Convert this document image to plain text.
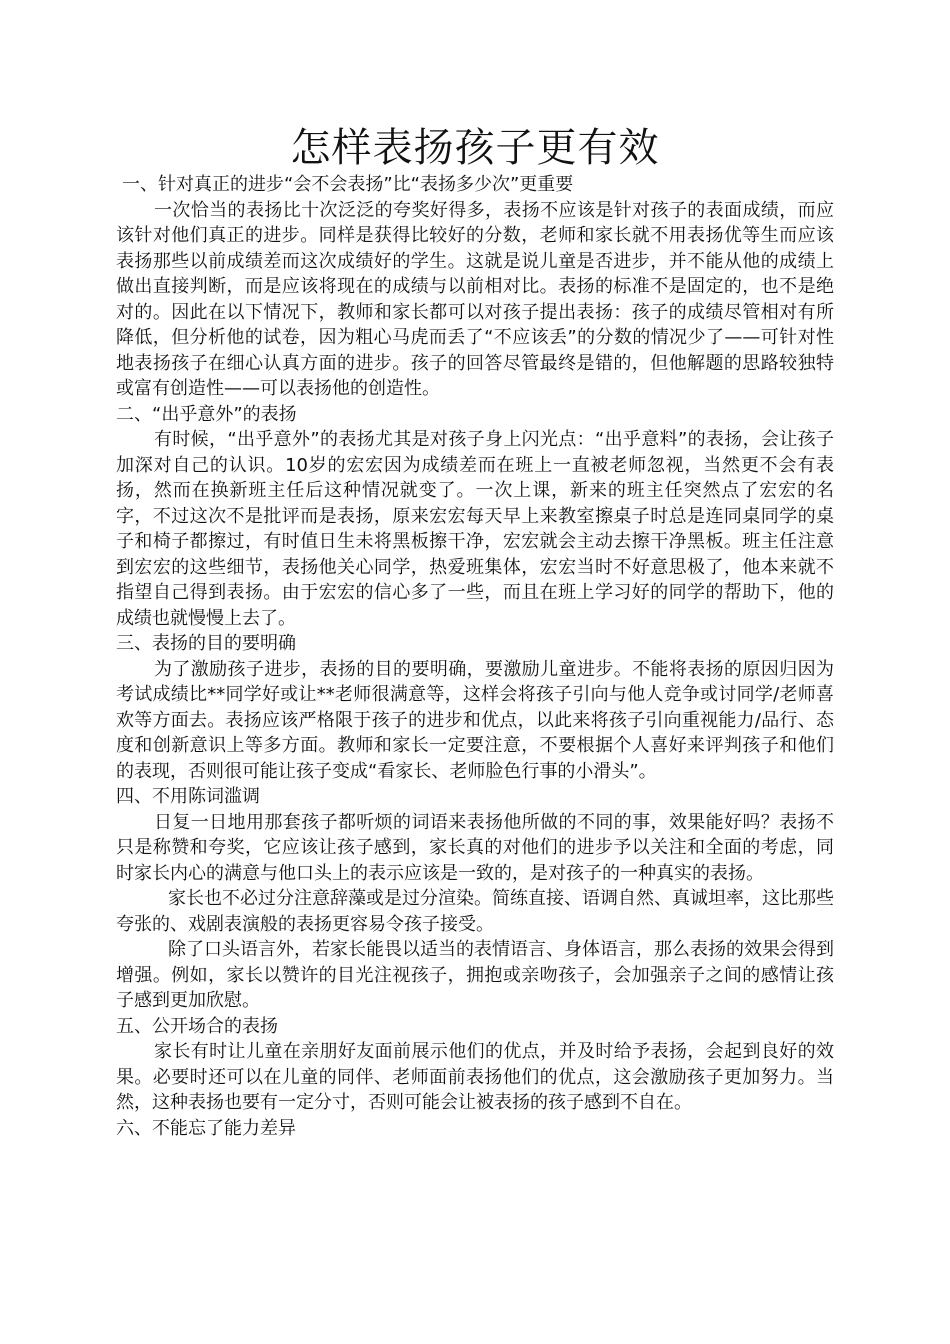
怎样表扬孩子更有效

一、针对真正的进步“会不会表扬”比“表扬多少次”更重要

一次恰当的表扬比十次泛泛的夸奖好得多，表扬不应该是针对孩子的表面成绩，而应该针对他们真正的进步。同样是获得比较好的分数，老师和家长就不用表扬优等生而应该表扬那些以前成绩差而这次成绩好的学生。这就是说儿童是否进步，并不能从他的成绩上做出直接判断，而是应该将现在的成绩与以前相对比。表扬的标准不是固定的，也不是绝对的。因此在以下情况下，教师和家长都可以对孩子提出表扬：孩子的成绩尽管相对有所降低，但分析他的试卷，因为粗心马虎而丢了“不应该丢”的分数的情况少了——可针对性地表扬孩子在细心认真方面的进步。孩子的回答尽管最终是错的，但他解题的思路较独特或富有创造性——可以表扬他的创造性。

二、“出乎意外”的表扬

有时候，“出乎意外”的表扬尤其是对孩子身上闪光点：“出乎意料”的表扬，会让孩子加深对自己的认识。10岁的宏宏因为成绩差而在班上一直被老师忽视，当然更不会有表扬，然而在换新班主任后这种情况就变了。一次上课，新来的班主任突然点了宏宏的名字，不过这次不是批评而是表扬，原来宏宏每天早上来教室擦桌子时总是连同桌同学的桌子和椅子都擦过，有时值日生未将黑板擦干净，宏宏就会主动去擦干净黑板。班主任注意到宏宏的这些细节，表扬他关心同学，热爱班集体，宏宏当时不好意思极了，他本来就不指望自己得到表扬。由于宏宏的信心多了一些，而且在班上学习好的同学的帮助下，他的成绩也就慢慢上去了。

三、表扬的目的要明确

为了激励孩子进步，表扬的目的要明确，要激励儿童进步。不能将表扬的原因归因为考试成绩比**同学好或让**老师很满意等，这样会将孩子引向与他人竞争或讨同学/老师喜欢等方面去。表扬应该严格限于孩子的进步和优点，以此来将孩子引向重视能力/品行、态度和创新意识上等多方面。教师和家长一定要注意，不要根据个人喜好来评判孩子和他们的表现，否则很可能让孩子变成“看家长、老师脸色行事的小滑头”。

四、不用陈词滥调

日复一日地用那套孩子都听烦的词语来表扬他所做的不同的事，效果能好吗？表扬不只是称赞和夸奖，它应该让孩子感到，家长真的对他们的进步予以关注和全面的考虑，同时家长内心的满意与他口头上的表示应该是一致的，是对孩子的一种真实的表扬。

家长也不必过分注意辞藻或是过分渲染。简练直接、语调自然、真诚坦率，这比那些夸张的、戏剧表演般的表扬更容易令孩子接受。

除了口头语言外，若家长能畏以适当的表情语言、身体语言，那么表扬的效果会得到增强。例如，家长以赞许的目光注视孩子，拥抱或亲吻孩子，会加强亲子之间的感情让孩子感到更加欣慰。

五、公开场合的表扬

家长有时让儿童在亲朋好友面前展示他们的优点，并及时给予表扬，会起到良好的效果。必要时还可以在儿童的同伴、老师面前表扬他们的优点，这会激励孩子更加努力。当然，这种表扬也要有一定分寸，否则可能会让被表扬的孩子感到不自在。

六、不能忘了能力差异
